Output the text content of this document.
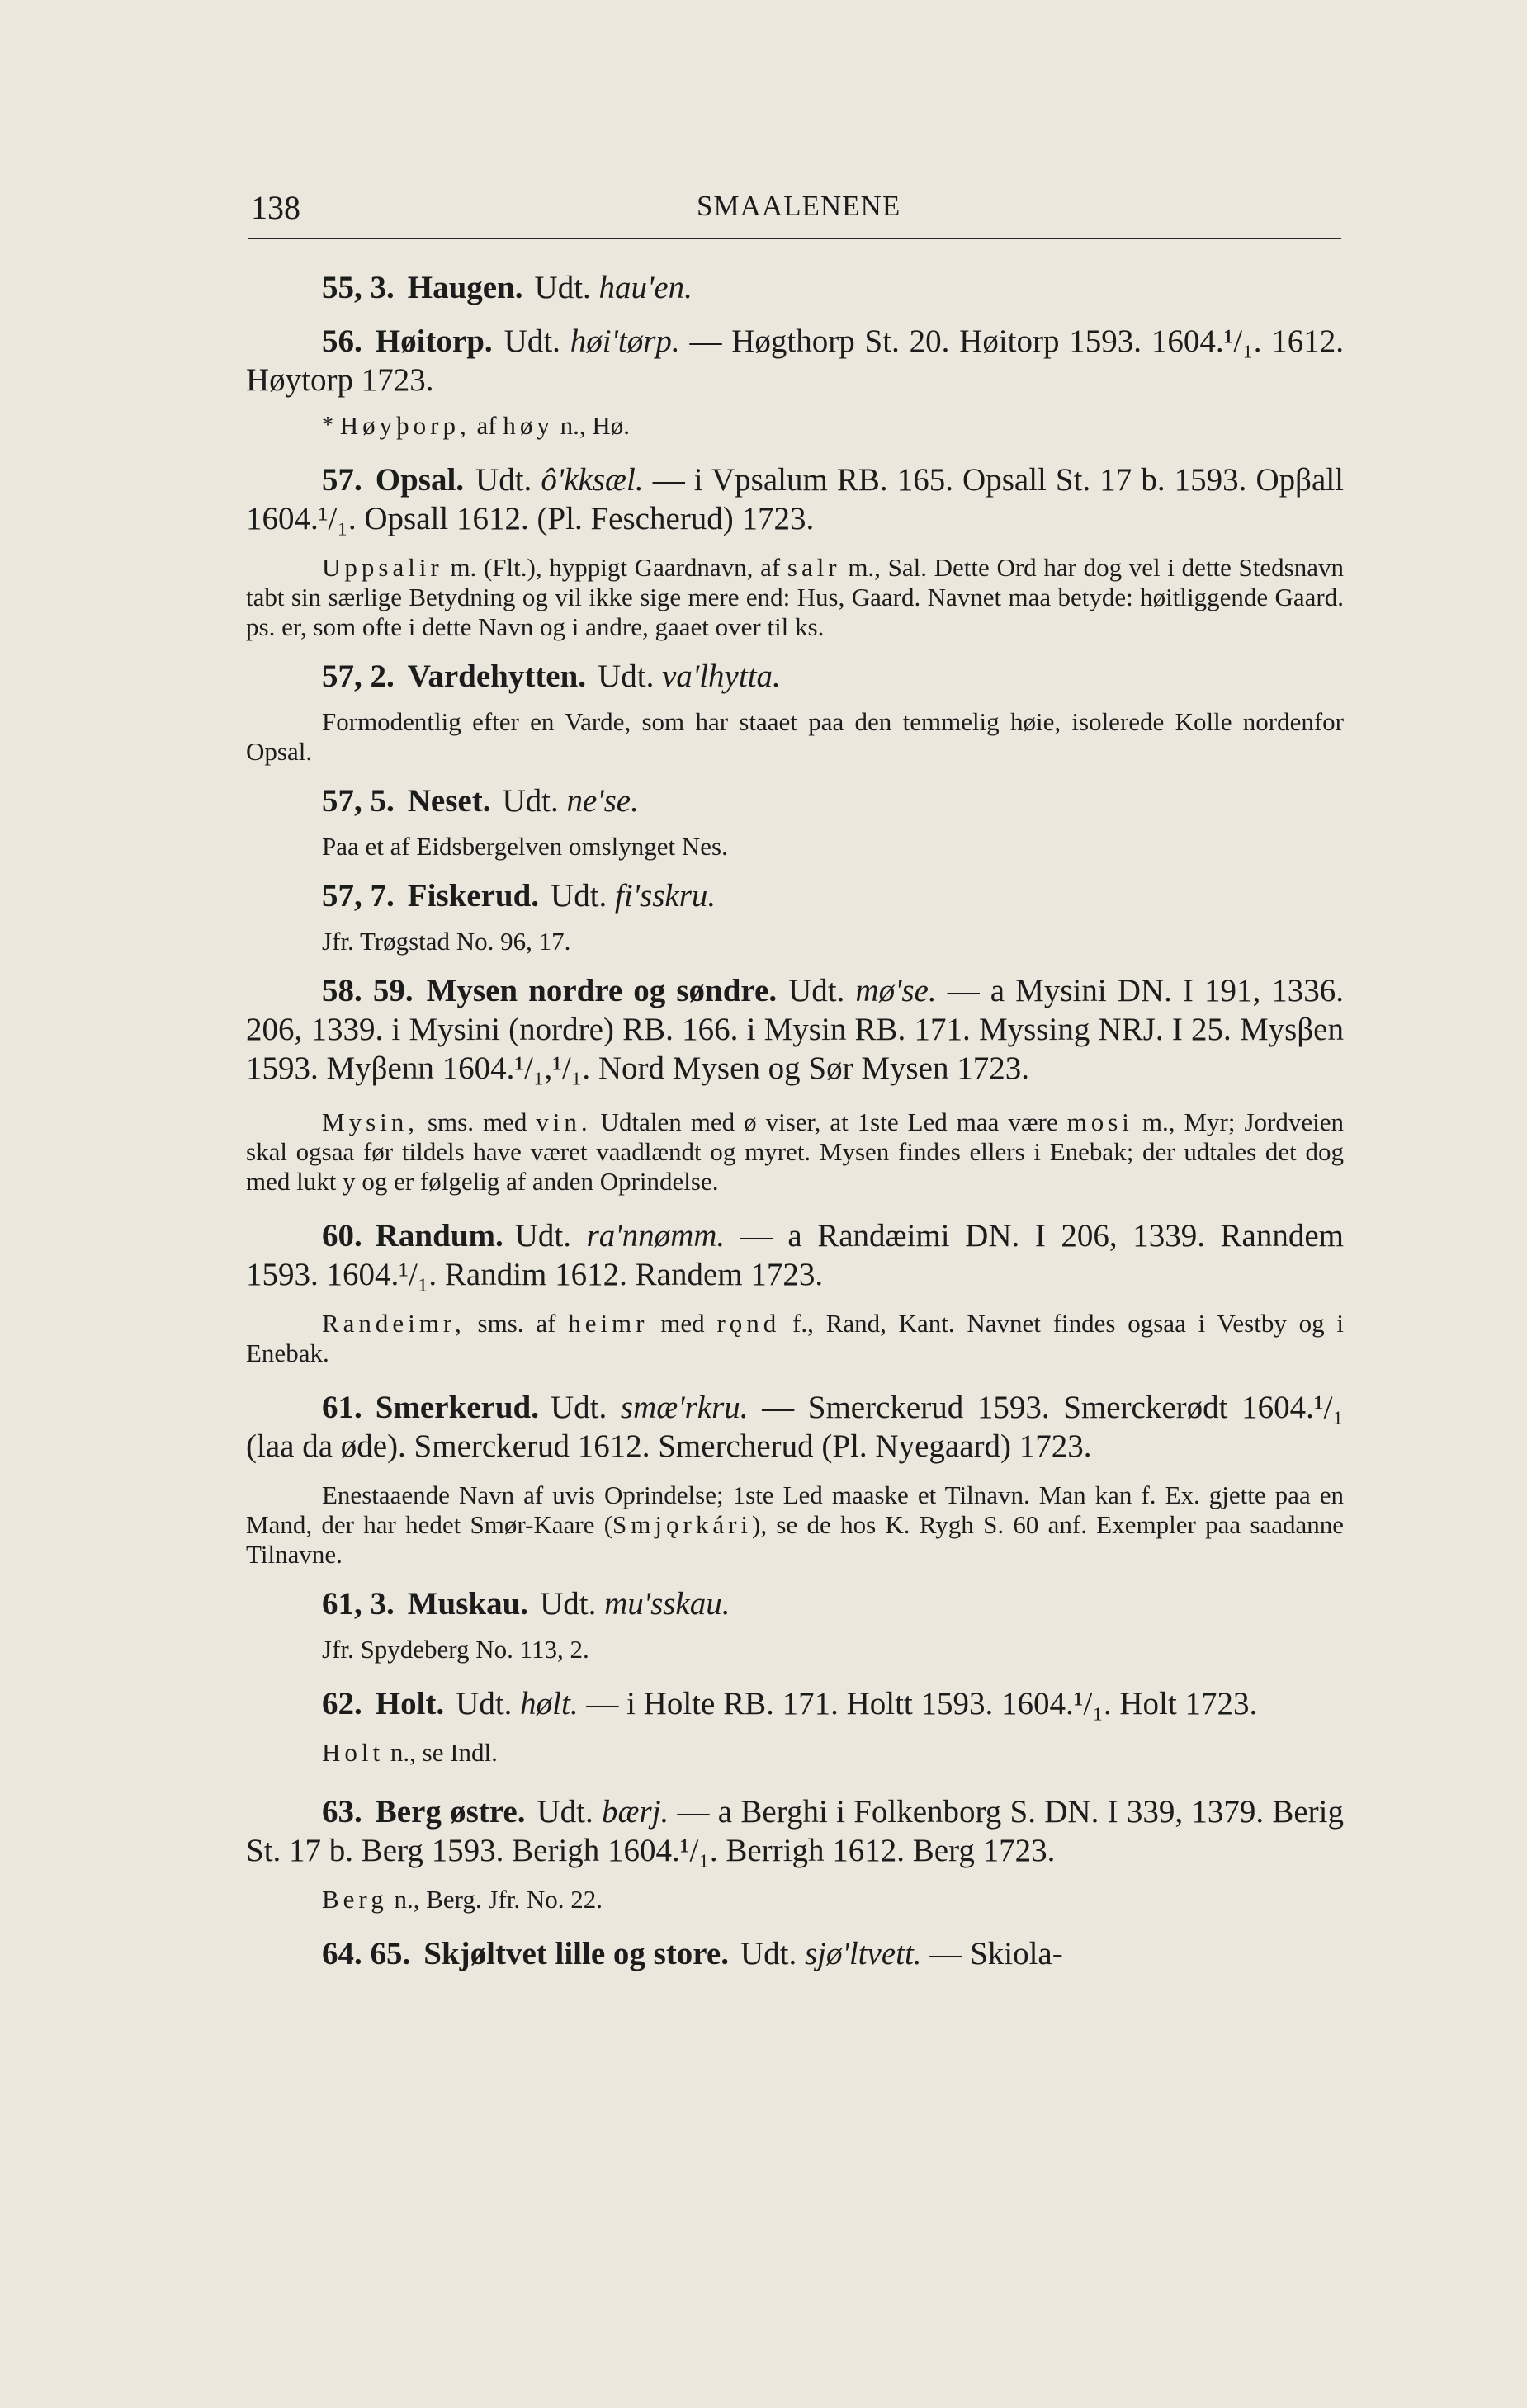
138	SMAALENENE

55, 3. Haugen. Udt. hau'en.

56. Høitorp. Udt. høi'tørp. — Høgthorp St. 20. Høitorp 1593. 1604.¹/₁. 1612. Høytorp 1723.

* Høyþorp, af høy n., Hø.

57. Opsal. Udt. ô'kksæl. — i Vpsalum RB. 165. Opsall St. 17 b. 1593. Opβall 1604.¹/₁. Opsall 1612. (Pl. Fescherud) 1723.

Uppsalir m. (Flt.), hyppigt Gaardnavn, af salr m., Sal. Dette Ord har dog vel i dette Stedsnavn tabt sin særlige Betydning og vil ikke sige mere end: Hus, Gaard. Navnet maa betyde: høitliggende Gaard. ps. er, som ofte i dette Navn og i andre, gaaet over til ks.

57, 2. Vardehytten. Udt. va'lhytta.

Formodentlig efter en Varde, som har staaet paa den temmelig høie, isolerede Kolle nordenfor Opsal.

57, 5. Neset. Udt. ne'se.

Paa et af Eidsbergelven omslynget Nes.

57, 7. Fiskerud. Udt. fi'sskru.

Jfr. Trøgstad No. 96, 17.

58. 59. Mysen nordre og søndre. Udt. mø'se. — a Mysini DN. I 191, 1336. 206, 1339. i Mysini (nordre) RB. 166. i Mysin RB. 171. Myssing NRJ. I 25. Mysβen 1593. Myβenn 1604.¹/₁,¹/₁. Nord Mysen og Sør Mysen 1723.

Mysin, sms. med vin. Udtalen med ø viser, at 1ste Led maa være mosi m., Myr; Jordveien skal ogsaa før tildels have været vaadlændt og myret. Mysen findes ellers i Enebak; der udtales det dog med lukt y og er følgelig af anden Oprindelse.

60. Randum. Udt. ra'nnømm. — a Randæimi DN. I 206, 1339. Ranndem 1593. 1604.¹/₁. Randim 1612. Randem 1723.

Randeimr, sms. af heimr med rǫnd f., Rand, Kant. Navnet findes ogsaa i Vestby og i Enebak.

61. Smerkerud. Udt. smæ'rkru. — Smerckerud 1593. Smerckerødt 1604.¹/₁ (laa da øde). Smerckerud 1612. Smercherud (Pl. Nyegaard) 1723.

Enestaaende Navn af uvis Oprindelse; 1ste Led maaske et Tilnavn. Man kan f. Ex. gjette paa en Mand, der har hedet Smør-Kaare (Smjǫrkári), se de hos K. Rygh S. 60 anf. Exempler paa saadanne Tilnavne.

61, 3. Muskau. Udt. mu'sskau.

Jfr. Spydeberg No. 113, 2.

62. Holt. Udt. hølt. — i Holte RB. 171. Holtt 1593. 1604.¹/₁. Holt 1723.

Holt n., se Indl.

63. Berg østre. Udt. bærj. — a Berghi i Folkenborg S. DN. I 339, 1379. Berig St. 17 b. Berg 1593. Berigh 1604.¹/₁. Berrigh 1612. Berg 1723.

Berg n., Berg. Jfr. No. 22.

64. 65. Skjøltvet lille og store. Udt. sjø'ltvett. — Skiola-
